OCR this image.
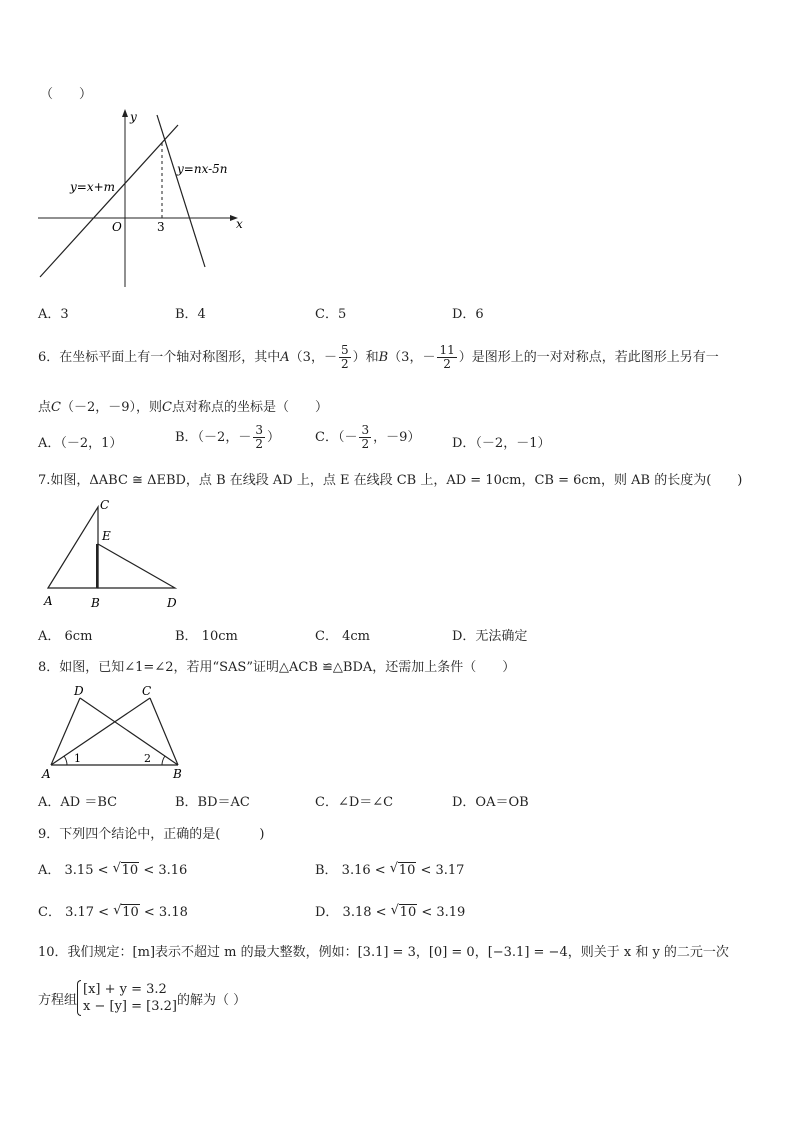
（　　）
y
x
O	3
y=x+m
y=nx-5n
A．3	B．4	C．5	D．6
6．在坐标平面上有一个轴对称图形，其中A（3，－ $\frac{5}{2}$ ）和B（3，－ $\frac{11}{2}$ ）是图形上的一对对称点，若此图形上另有一
点C（－2，－9），则C点对称点的坐标是（　　）
A．（－2，1）	B．（－2，－ $\frac{3}{2}$ ）	C．（－ $\frac{3}{2}$ ，－9） D．（－2，－1）
7.如图，ΔABC ≅ ΔEBD，点 B 在线段 AD 上，点 E 在线段 CB 上，AD = 10cm，CB = 6cm，则 AB 的长度为(　　)
C
E
A	B	D
A． 6cm	B． 10cm	C． 4cm	D．无法确定
8．如图，已知∠1=∠2，若用“SAS”证明△ACB ≌△BDA，还需加上条件（　　）
D	C
A	B
1	2
A．AD ＝BC	B．BD＝AC	C．∠D＝∠C	D．OA＝OB
9．下列四个结论中，正确的是(　　　)
A． 3.15 < √ 10 < 3.16	B． 3.16 < √ 10 < 3.17
C． 3.17 < √ 10 < 3.18	D． 3.18 < √ 10 < 3.19
10．我们规定：[m]表示不超过 m 的最大整数，例如：[3.1] = 3，[0] = 0，[−3.1] = −4，则关于 x 和 y 的二元一次
方程组
[x] + y = 3.2
x − [y] = [3.2] 的解为（ ）
